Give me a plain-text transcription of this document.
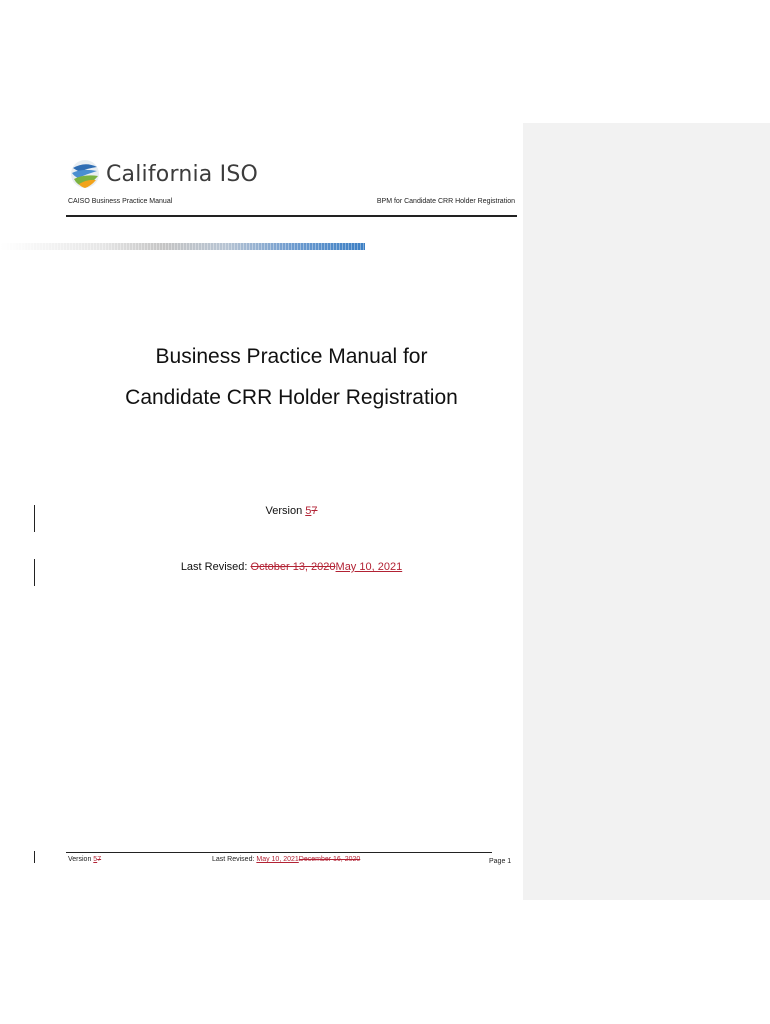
California ISO
CAISO Business Practice Manual	BPM for Candidate CRR Holder Registration
Business Practice Manual for
Candidate CRR Holder Registration
Version 57
Last Revised: October 13, 2020May 10, 2021
Version 57	Last Revised: May 10, 2021December 16, 2020	Page 1
